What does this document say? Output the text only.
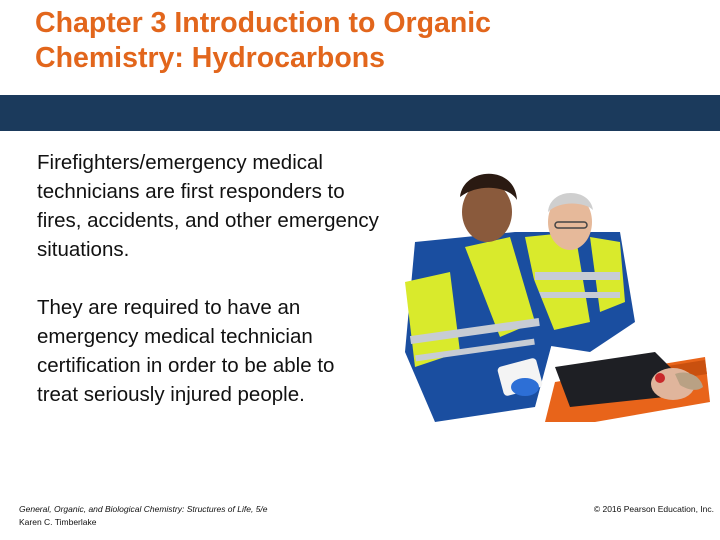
Chapter 3 Introduction to Organic
Chemistry: Hydrocarbons

Firefighters/emergency medical
technicians are first responders to
fires, accidents, and other emergency
situations.

They are required to have an
emergency medical technician
certification in order to be able to
treat seriously injured people.

General, Organic, and Biological Chemistry: Structures of Life, 5/e
Karen C. Timberlake
© 2016 Pearson Education, Inc.
